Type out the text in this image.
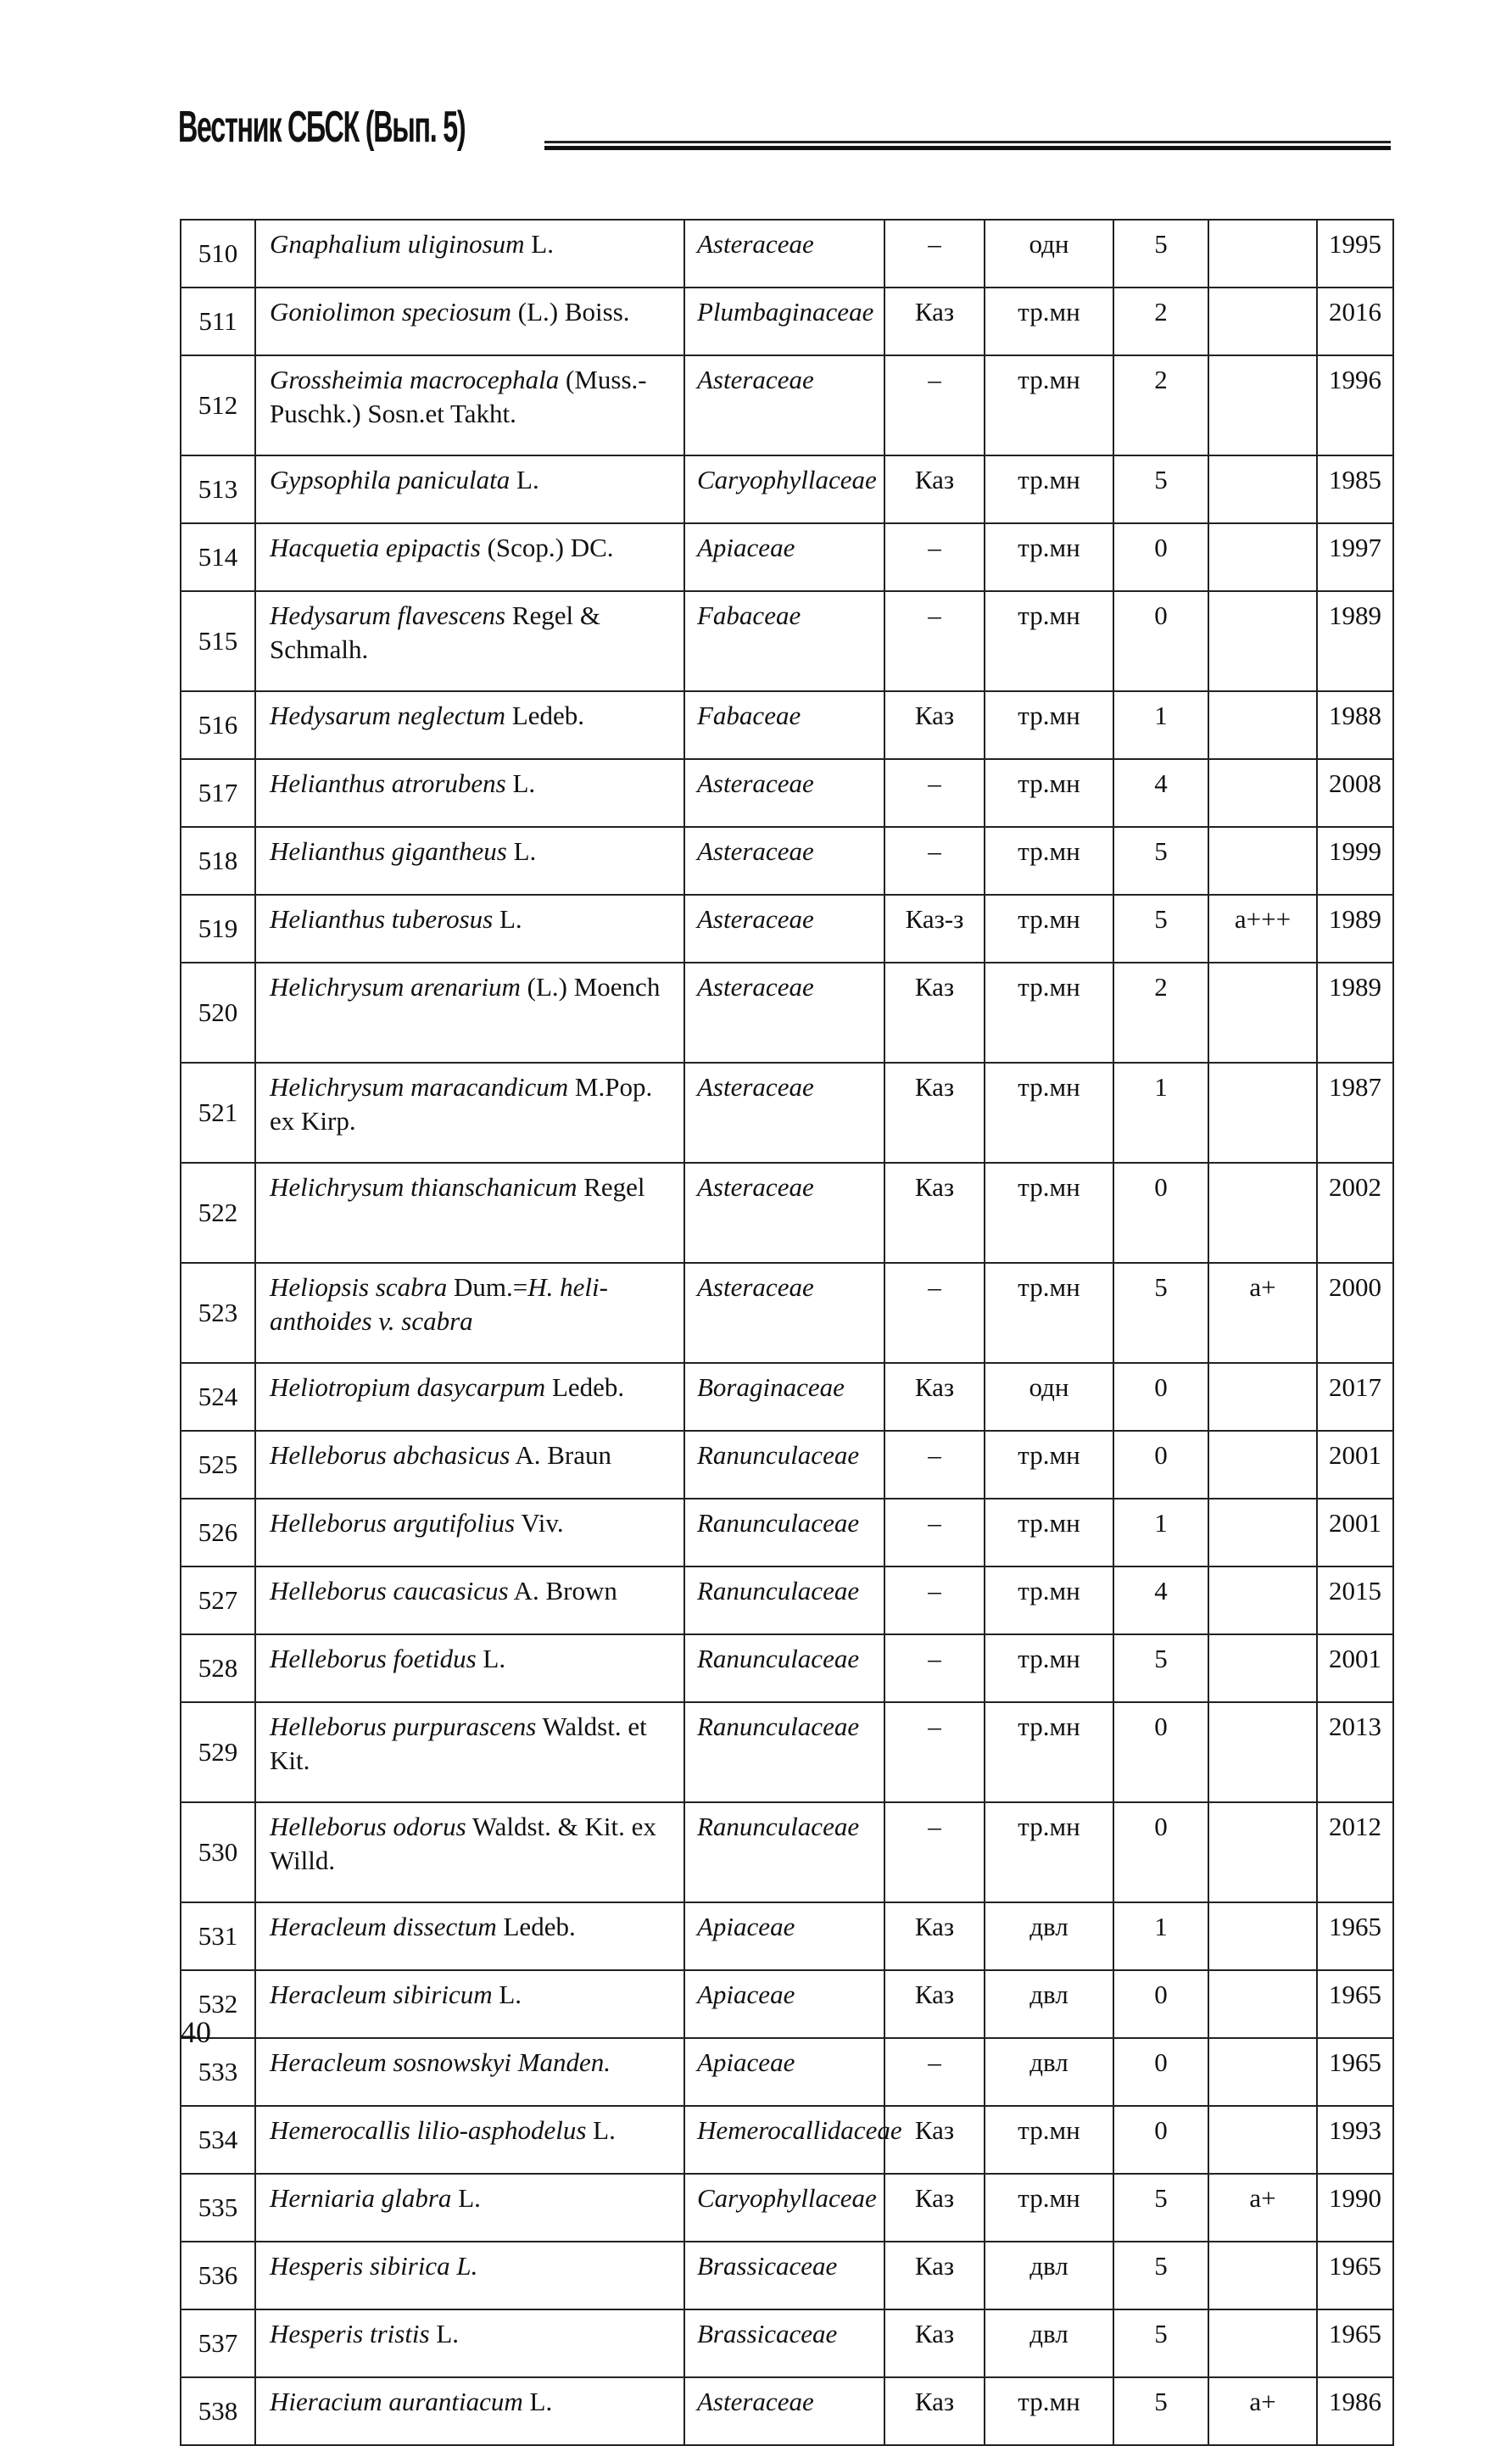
Вестник СБСК (Вып. 5)
510	Gnaphalium uliginosum L.	Asteraceae	–	одн	5		1995
511	Goniolimon speciosum (L.) Boiss.	Plumbaginaceae	Каз	тр.мн	2		2016
512	Grossheimia macrocephala (Muss.-Puschk.) Sosn.et Takht.	Asteraceae	–	тр.мн	2		1996
513	Gypsophila paniculata L.	Caryophyllaceae	Каз	тр.мн	5		1985
514	Hacquetia epipactis (Scop.) DC.	Apiaceae	–	тр.мн	0		1997
515	Hedysarum flavescens Regel & Schmalh.	Fabaceae	–	тр.мн	0		1989
516	Hedysarum neglectum Ledeb.	Fabaceae	Каз	тр.мн	1		1988
517	Helianthus atrorubens L.	Asteraceae	–	тр.мн	4		2008
518	Helianthus gigantheus L.	Asteraceae	–	тр.мн	5		1999
519	Helianthus tuberosus L.	Asteraceae	Каз-з	тр.мн	5	a+++	1989
520	Helichrysum arenarium (L.) Moench	Asteraceae	Каз	тр.мн	2		1989
521	Helichrysum maracandicum M.Pop. ex Kirp.	Asteraceae	Каз	тр.мн	1		1987
522	Helichrysum thianschanicum Regel	Asteraceae	Каз	тр.мн	0		2002
523	Heliopsis scabra Dum.=H. heli-anthoides v. scabra	Asteraceae	–	тр.мн	5	a+	2000
524	Heliotropium dasycarpum Ledeb.	Boraginaceae	Каз	одн	0		2017
525	Helleborus abchasicus A. Braun	Ranunculaceae	–	тр.мн	0		2001
526	Helleborus argutifolius Viv.	Ranunculaceae	–	тр.мн	1		2001
527	Helleborus caucasicus A. Brown	Ranunculaceae	–	тр.мн	4		2015
528	Helleborus foetidus L.	Ranunculaceae	–	тр.мн	5		2001
529	Helleborus purpurascens Waldst. et Kit.	Ranunculaceae	–	тр.мн	0		2013
530	Helleborus odorus Waldst. & Kit. ex Willd.	Ranunculaceae	–	тр.мн	0		2012
531	Heracleum dissectum Ledeb.	Apiaceae	Каз	двл	1		1965
532	Heracleum sibiricum L.	Apiaceae	Каз	двл	0		1965
533	Heracleum sosnowskyi Manden.	Apiaceae	–	двл	0		1965
534	Hemerocallis lilio-asphodelus L.	Hemerocallidaceae	Каз	тр.мн	0		1993
535	Herniaria glabra L.	Caryophyllaceae	Каз	тр.мн	5	a+	1990
536	Hesperis sibirica L.	Brassicaceae	Каз	двл	5		1965
537	Hesperis tristis L.	Brassicaceae	Каз	двл	5		1965
538	Hieracium aurantiacum L.	Asteraceae	Каз	тр.мн	5	a+	1986
40
